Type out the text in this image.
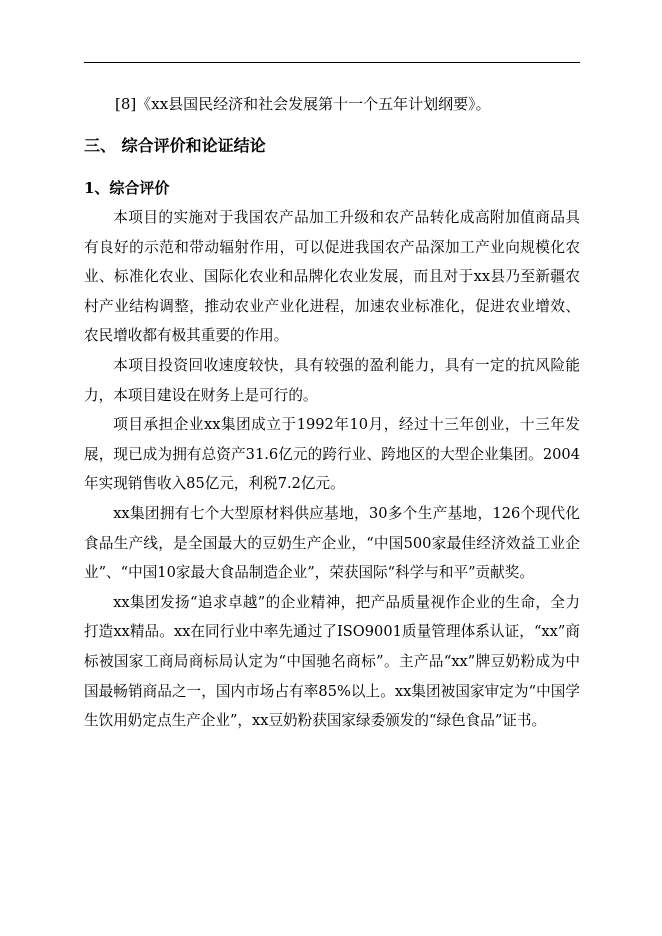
[8]《xx县国民经济和社会发展第十一个五年计划纲要》。
三、 综合评价和论证结论
1、综合评价

本项目的实施对于我国农产品加工升级和农产品转化成高附加值商品具有良好的示范和带动辐射作用，可以促进我国农产品深加工产业向规模化农业、标准化农业、国际化农业和品牌化农业发展，而且对于xx县乃至新疆农村产业结构调整，推动农业产业化进程，加速农业标准化，促进农业增效、农民增收都有极其重要的作用。

本项目投资回收速度较快，具有较强的盈利能力，具有一定的抗风险能力，本项目建设在财务上是可行的。

项目承担企业xx集团成立于1992年10月，经过十三年创业，十三年发展，现已成为拥有总资产31.6亿元的跨行业、跨地区的大型企业集团。2004年实现销售收入85亿元，利税7.2亿元。

xx集团拥有七个大型原材料供应基地，30多个生产基地，126个现代化食品生产线，是全国最大的豆奶生产企业，“中国500家最佳经济效益工业企业”、“中国10家最大食品制造企业”，荣获国际“科学与和平”贡献奖。

xx集团发扬“追求卓越”的企业精神，把产品质量视作企业的生命，全力打造xx精品。xx在同行业中率先通过了ISO9001质量管理体系认证，“xx”商标被国家工商局商标局认定为“中国驰名商标”。主产品“xx”牌豆奶粉成为中国最畅销商品之一，国内市场占有率85%以上。xx集团被国家审定为“中国学生饮用奶定点生产企业”，xx豆奶粉获国家绿委颁发的“绿色食品”证书。
